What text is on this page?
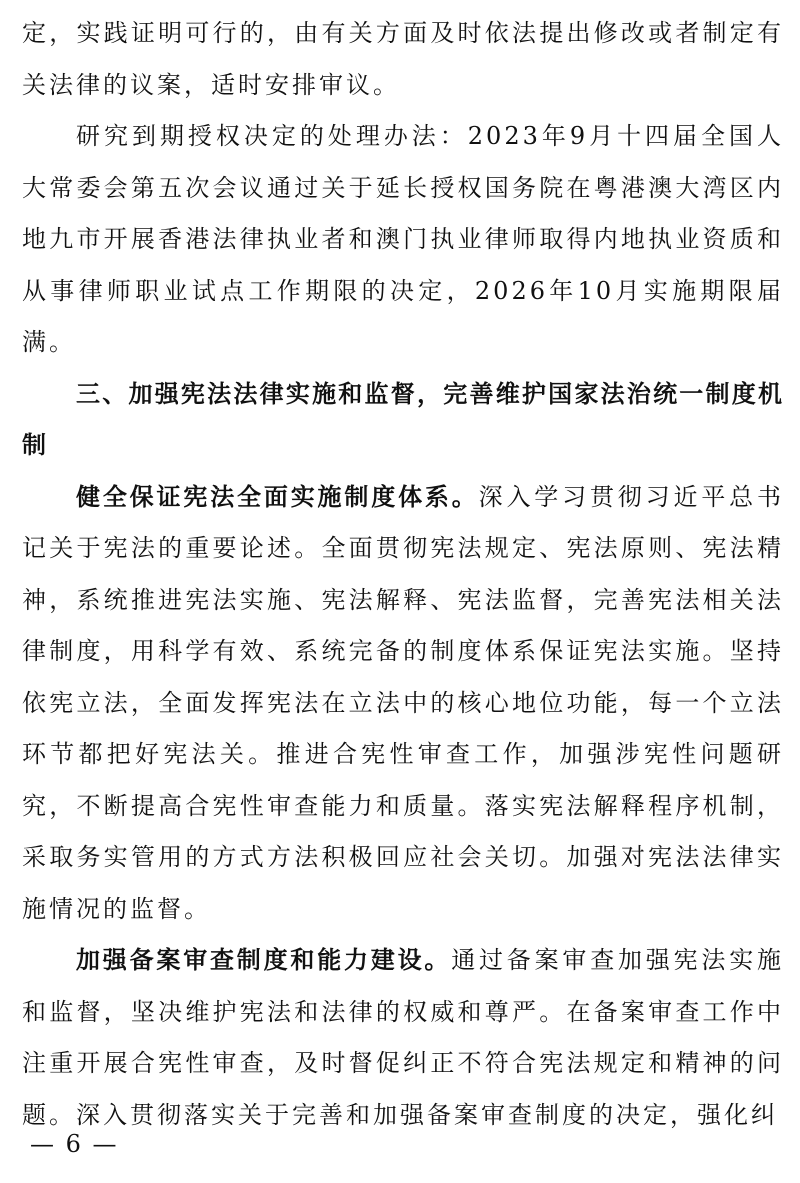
定，实践证明可行的，由有关方面及时依法提出修改或者制定有关法律的议案，适时安排审议。

研究到期授权决定的处理办法：2023年9月十四届全国人大常委会第五次会议通过关于延长授权国务院在粤港澳大湾区内地九市开展香港法律执业者和澳门执业律师取得内地执业资质和从事律师职业试点工作期限的决定，2026年10月实施期限届满。

三、加强宪法法律实施和监督，完善维护国家法治统一制度机制

健全保证宪法全面实施制度体系。深入学习贯彻习近平总书记关于宪法的重要论述。全面贯彻宪法规定、宪法原则、宪法精神，系统推进宪法实施、宪法解释、宪法监督，完善宪法相关法律制度，用科学有效、系统完备的制度体系保证宪法实施。坚持依宪立法，全面发挥宪法在立法中的核心地位功能，每一个立法环节都把好宪法关。推进合宪性审查工作，加强涉宪性问题研究，不断提高合宪性审查能力和质量。落实宪法解释程序机制，采取务实管用的方式方法积极回应社会关切。加强对宪法法律实施情况的监督。

加强备案审查制度和能力建设。通过备案审查加强宪法实施和监督，坚决维护宪法和法律的权威和尊严。在备案审查工作中注重开展合宪性审查，及时督促纠正不符合宪法规定和精神的问题。深入贯彻落实关于完善和加强备案审查制度的决定，强化纠

— 6 —
